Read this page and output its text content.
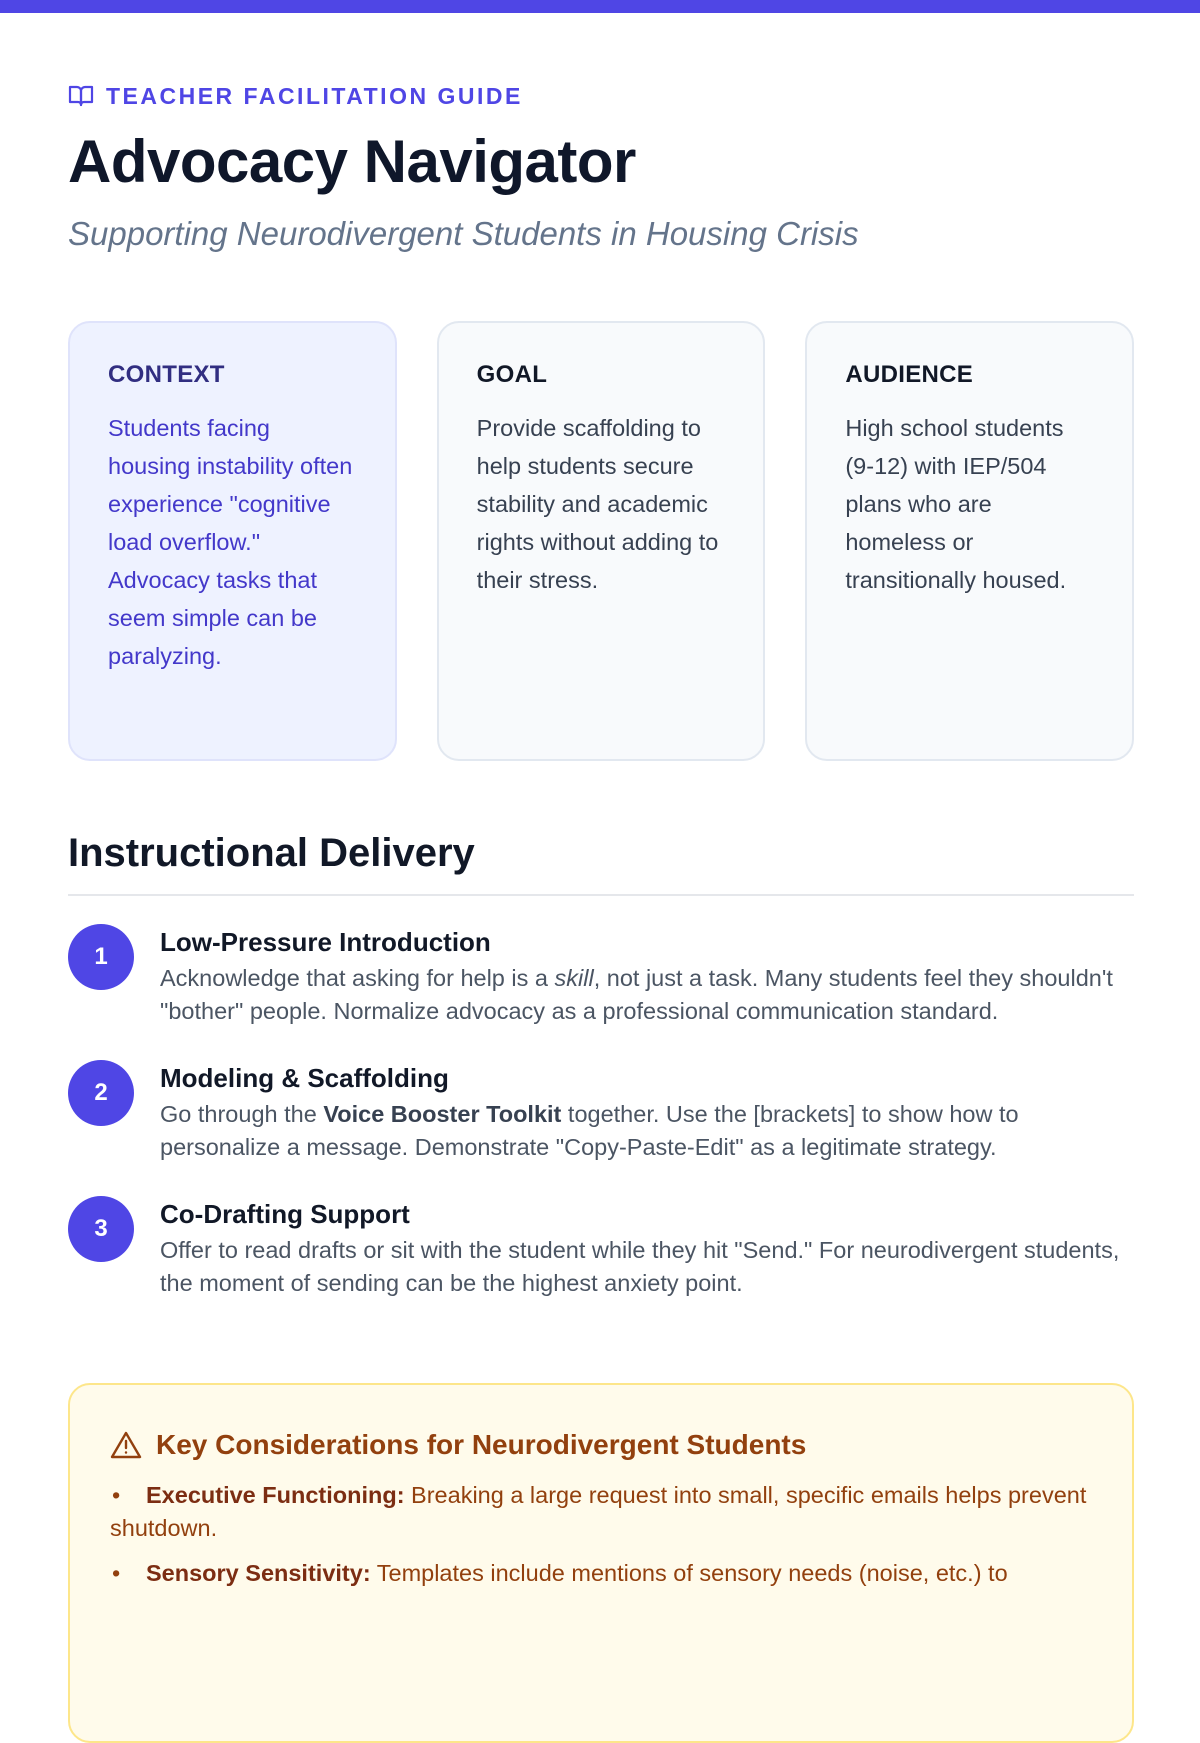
TEACHER FACILITATION GUIDE
Advocacy Navigator

Supporting Neurodivergent Students in Housing Crisis

CONTEXT

Students facing housing instability often experience "cognitive load overflow." Advocacy tasks that seem simple can be paralyzing.

GOAL

Provide scaffolding to help students secure stability and academic rights without adding to their stress.

AUDIENCE

High school students (9-12) with IEP/504 plans who are homeless or transitionally housed.

Instructional Delivery
1	Low-Pressure Introduction

Acknowledge that asking for help is a skill, not just a task. Many students feel they shouldn't "bother" people. Normalize advocacy as a professional communication standard.

2	Modeling & Scaffolding

Go through the Voice Booster Toolkit together. Use the [brackets] to show how to personalize a message. Demonstrate "Copy-Paste-Edit" as a legitimate strategy.

3	Co-Drafting Support

Offer to read drafts or sit with the student while they hit "Send." For neurodivergent students, the moment of sending can be the highest anxiety point.

Key Considerations for Neurodivergent Students
• Executive Functioning: Breaking a large request into small, specific emails helps prevent shutdown.
• Sensory Sensitivity: Templates include mentions of sensory needs (noise, etc.) to
